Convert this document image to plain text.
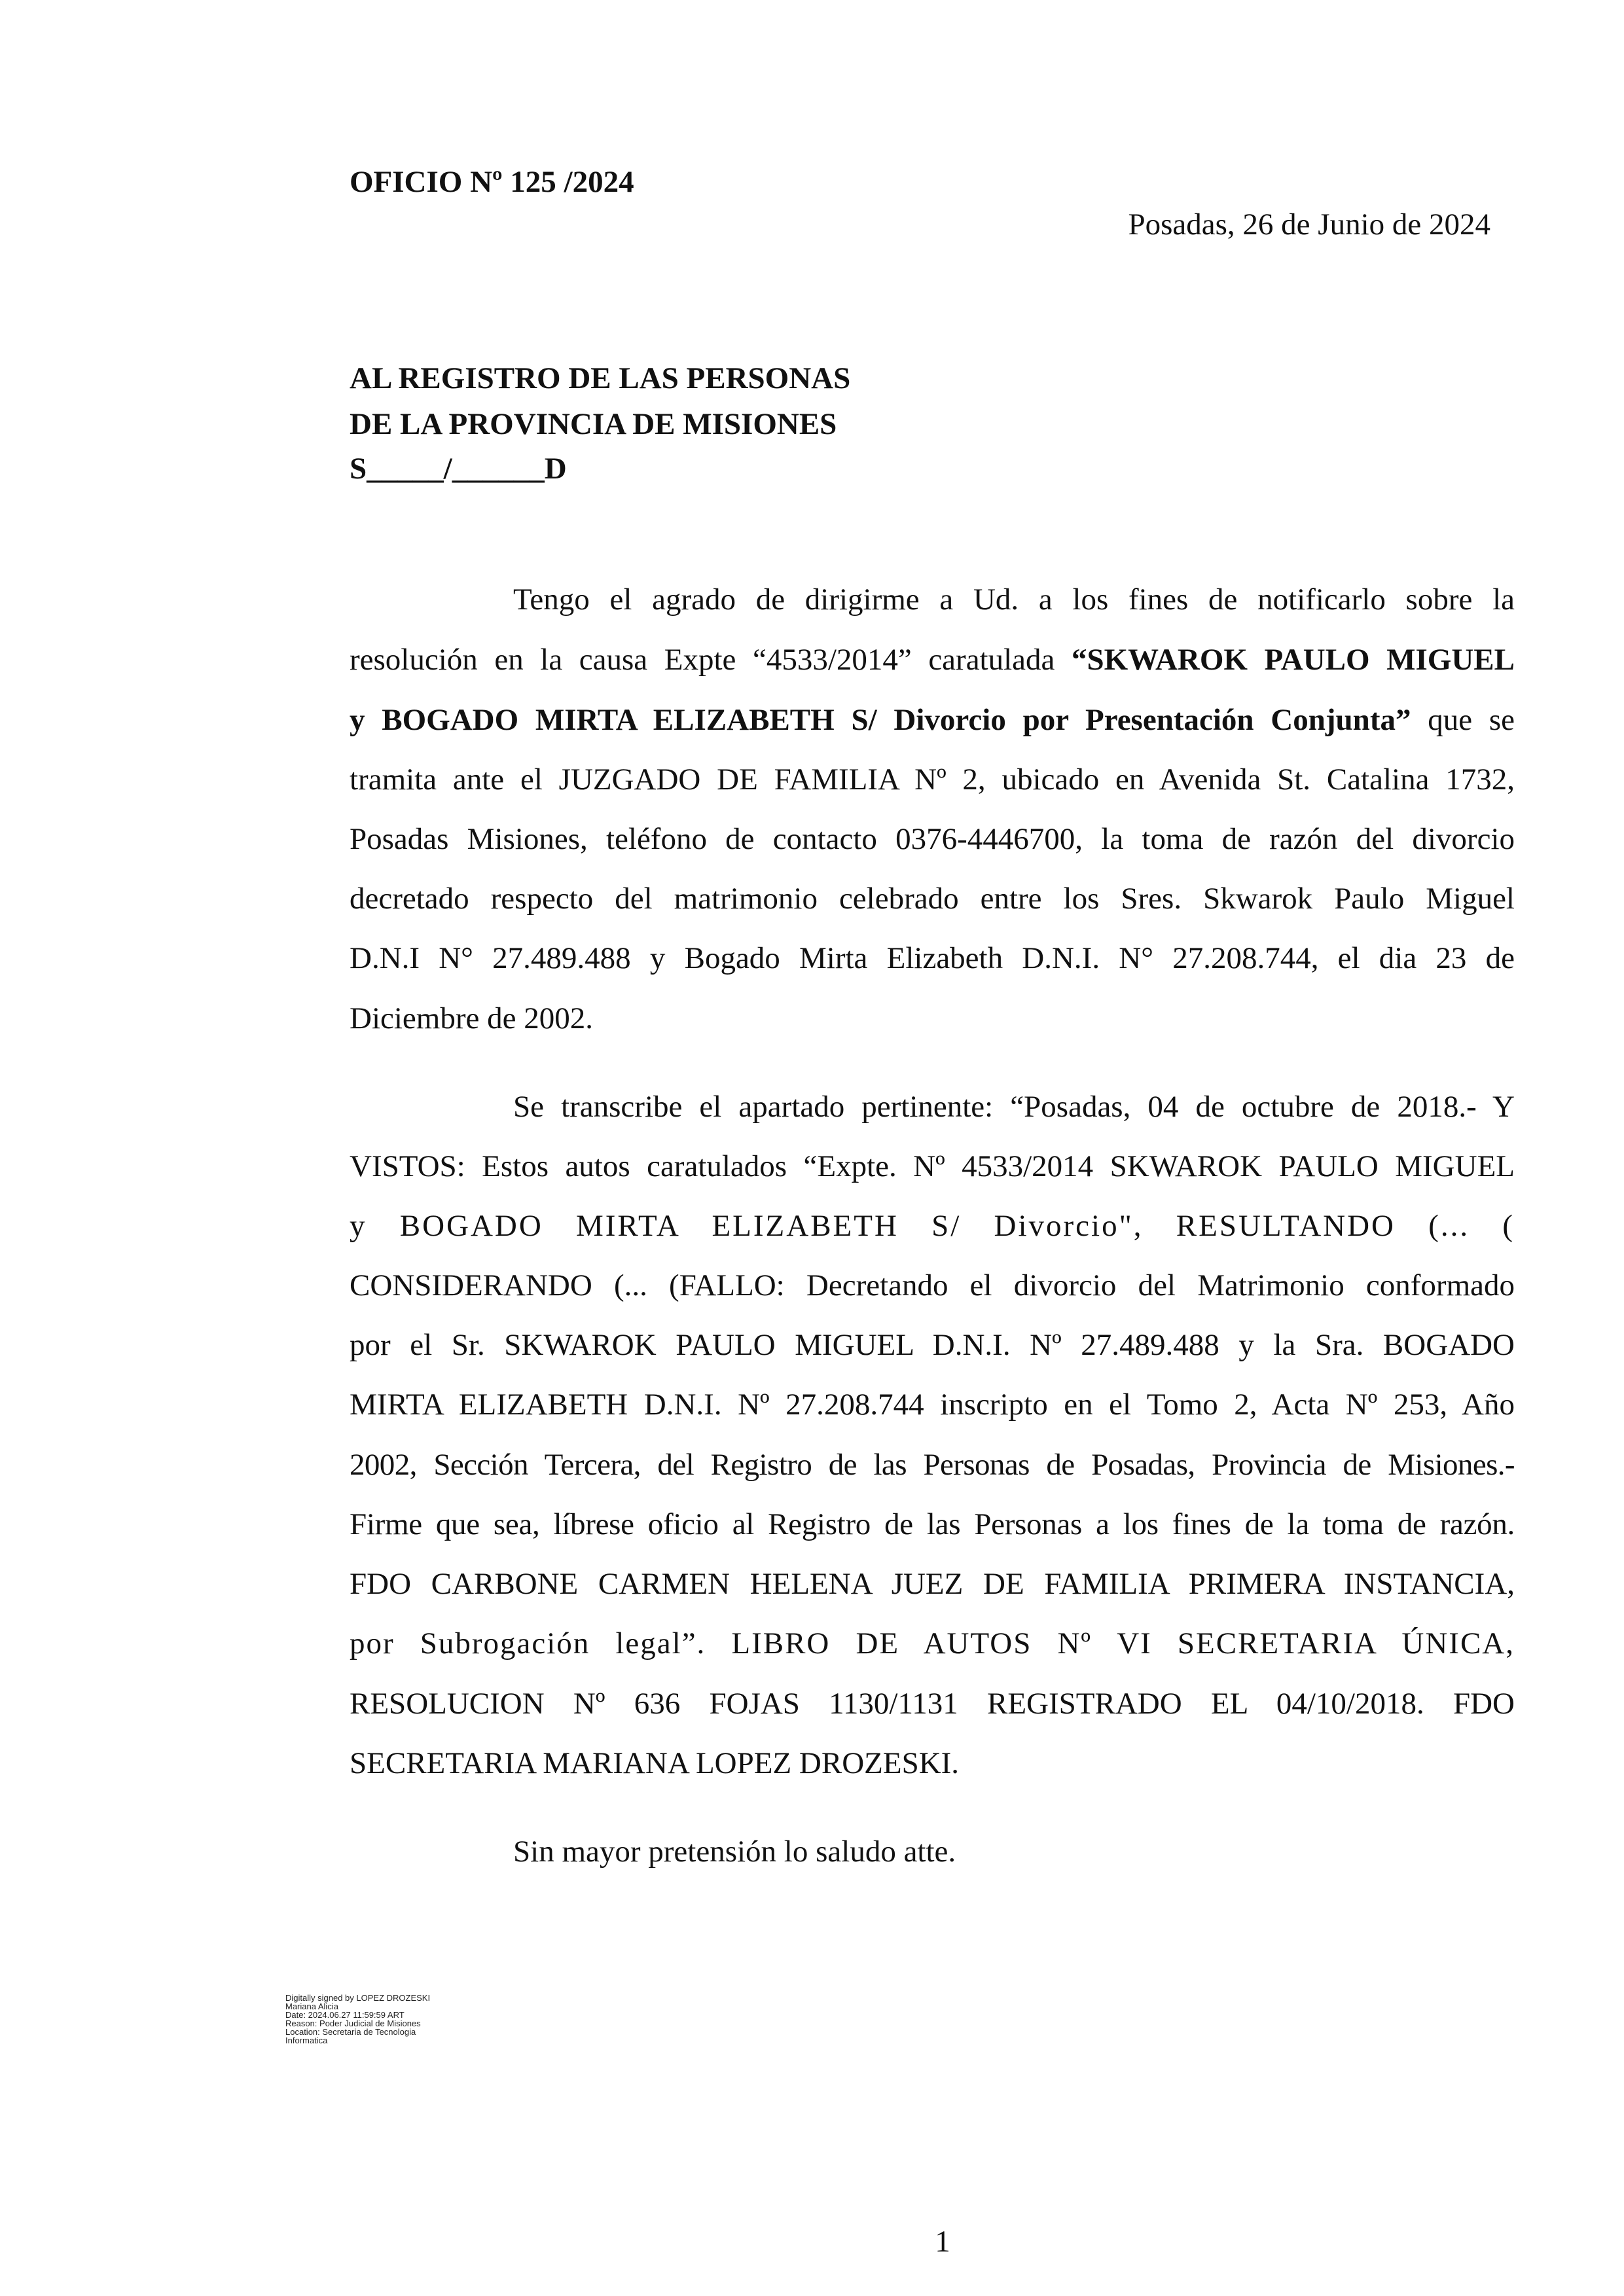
OFICIO Nº 125 /2024
Posadas, 26 de Junio de 2024
AL REGISTRO DE LAS PERSONAS
DE LA PROVINCIA DE MISIONES
S_____/______D
Tengo el agrado de dirigirme a Ud. a los fines de notificarlo sobre la
resolución en la causa Expte “4533/2014” caratulada “SKWAROK PAULO MIGUEL
y BOGADO MIRTA ELIZABETH S/ Divorcio por Presentación Conjunta” que se
tramita ante el JUZGADO DE FAMILIA Nº 2, ubicado en Avenida St. Catalina 1732,
Posadas Misiones, teléfono de contacto 0376-4446700, la toma de razón del divorcio
decretado respecto del matrimonio celebrado entre los Sres. Skwarok Paulo Miguel
D.N.I N° 27.489.488 y Bogado Mirta Elizabeth D.N.I. N° 27.208.744, el dia 23 de
Diciembre de 2002.
Se transcribe el apartado pertinente: “Posadas, 04 de octubre de 2018.- Y
VISTOS: Estos autos caratulados “Expte. Nº 4533/2014 SKWAROK PAULO MIGUEL
y BOGADO MIRTA ELIZABETH S/ Divorcio", RESULTANDO (... (
CONSIDERANDO (... (FALLO: Decretando el divorcio del Matrimonio conformado
por el Sr. SKWAROK PAULO MIGUEL D.N.I. Nº 27.489.488 y la Sra. BOGADO
MIRTA ELIZABETH D.N.I. Nº 27.208.744 inscripto en el Tomo 2, Acta Nº 253, Año
2002, Sección Tercera, del Registro de las Personas de Posadas, Provincia de Misiones.-
Firme que sea, líbrese oficio al Registro de las Personas a los fines de la toma de razón.
FDO CARBONE CARMEN HELENA JUEZ DE FAMILIA PRIMERA INSTANCIA,
por Subrogación legal”. LIBRO DE AUTOS Nº VI SECRETARIA ÚNICA,
RESOLUCION Nº 636 FOJAS 1130/1131 REGISTRADO EL 04/10/2018. FDO
SECRETARIA MARIANA LOPEZ DROZESKI.
Sin mayor pretensión lo saludo atte.
Digitally signed by LOPEZ DROZESKI
Mariana Alicia
Date: 2024.06.27 11:59:59 ART
Reason: Poder Judicial de Misiones
Location: Secretaria de Tecnologia
Informatica
1
